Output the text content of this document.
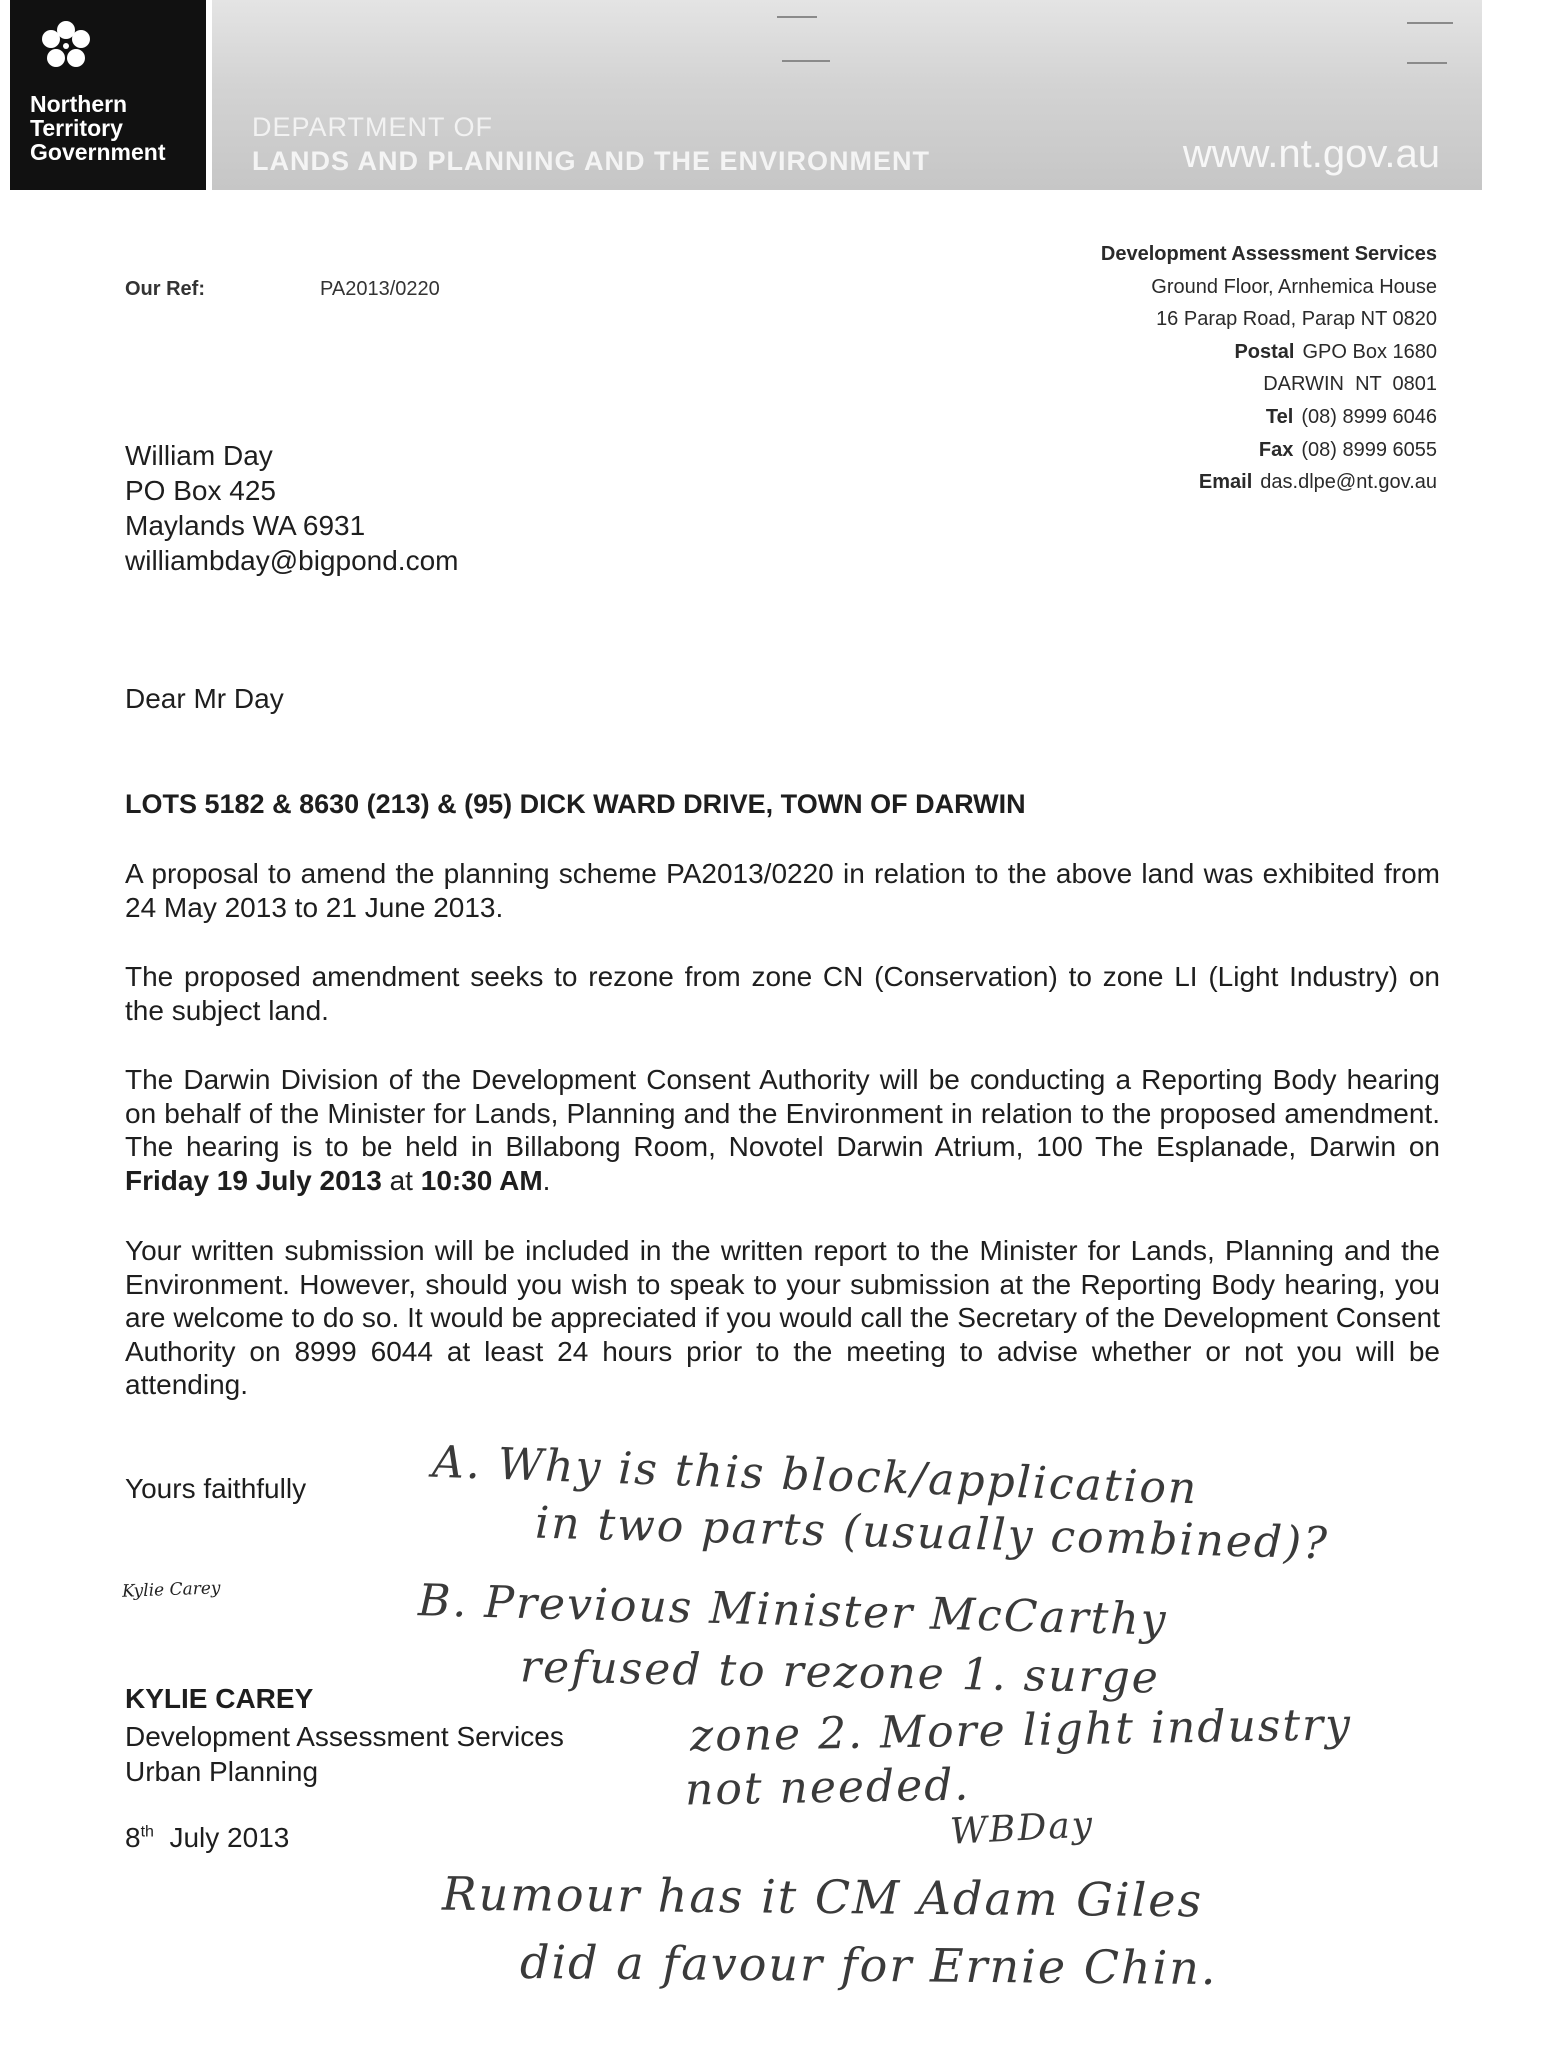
Northern
Territory
Government
DEPARTMENT OF
LANDS AND PLANNING AND THE ENVIRONMENT	www.nt.gov.au
Our Ref:	PA2013/0220
Development Assessment Services
Ground Floor, Arnhemica House
16 Parap Road, Parap NT 0820
Postal GPO Box 1680
DARWIN  NT  0801
Tel (08) 8999 6046
Fax (08) 8999 6055
Email das.dlpe@nt.gov.au
William Day
PO Box 425
Maylands WA 6931
williambday@bigpond.com
Dear Mr Day
LOTS 5182 & 8630 (213) & (95) DICK WARD DRIVE, TOWN OF DARWIN
A proposal to amend the planning scheme PA2013/0220 in relation to the above land was exhibited from 24 May 2013 to 21 June 2013.
The proposed amendment seeks to rezone from zone CN (Conservation) to zone LI (Light Industry) on the subject land.
The Darwin Division of the Development Consent Authority will be conducting a Reporting Body hearing on behalf of the Minister for Lands, Planning and the Environment in relation to the proposed amendment. The hearing is to be held in Billabong Room, Novotel Darwin Atrium, 100 The Esplanade, Darwin on Friday 19 July 2013 at 10:30 AM.
Your written submission will be included in the written report to the Minister for Lands, Planning and the Environment. However, should you wish to speak to your submission at the Reporting Body hearing, you are welcome to do so. It would be appreciated if you would call the Secretary of the Development Consent Authority on 8999 6044 at least 24 hours prior to the meeting to advise whether or not you will be attending.
Yours faithfully
Kylie Carey
KYLIE CAREY
Development Assessment Services
Urban Planning
8th July 2013
A. Why is this block/application
in two parts (usually combined)?
B. Previous Minister McCarthy
refused to rezone 1. surge
zone 2. More light industry
not needed.
WBDay
Rumour has it CM Adam Giles
did a favour for Ernie Chin.
